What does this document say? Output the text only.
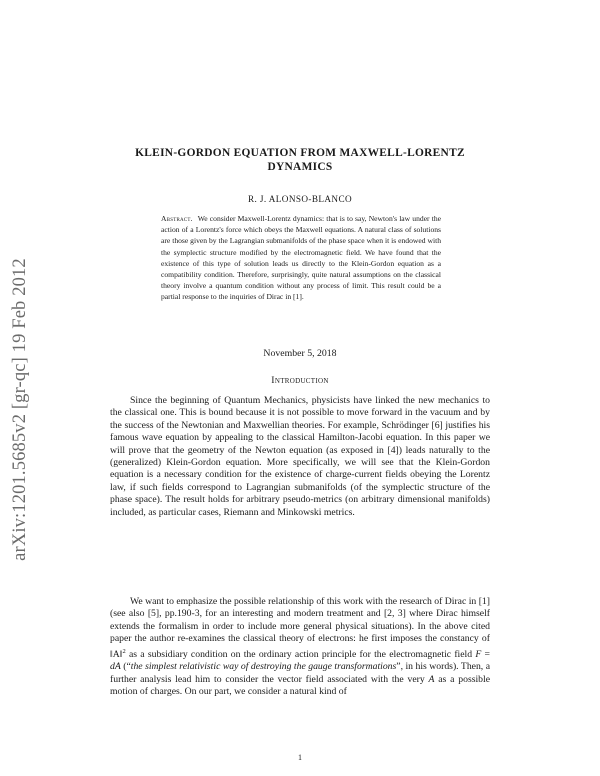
arXiv:1201.5685v2 [gr-qc] 19 Feb 2012
KLEIN-GORDON EQUATION FROM MAXWELL-LORENTZ DYNAMICS
R. J. ALONSO-BLANCO
Abstract. We consider Maxwell-Lorentz dynamics: that is to say, Newton's law under the action of a Lorentz's force which obeys the Maxwell equations. A natural class of solutions are those given by the Lagrangian submanifolds of the phase space when it is endowed with the symplectic structure modified by the electromagnetic field. We have found that the existence of this type of solution leads us directly to the Klein-Gordon equation as a compatibility condition. Therefore, surprisingly, quite natural assumptions on the classical theory involve a quantum condition without any process of limit. This result could be a partial response to the inquiries of Dirac in [1].
November 5, 2018
Introduction

Since the beginning of Quantum Mechanics, physicists have linked the new mechanics to the classical one. This is bound because it is not possible to move forward in the vacuum and by the success of the Newtonian and Maxwellian theories. For example, Schrödinger [6] justifies his famous wave equation by appealing to the classical Hamilton-Jacobi equation. In this paper we will prove that the geometry of the Newton equation (as exposed in [4]) leads naturally to the (generalized) Klein-Gordon equation. More specifically, we will see that the Klein-Gordon equation is a necessary condition for the existence of charge-current fields obeying the Lorentz law, if such fields correspond to Lagrangian submanifolds (of the symplectic structure of the phase space). The result holds for arbitrary pseudo-metrics (on arbitrary dimensional manifolds) included, as particular cases, Riemann and Minkowski metrics.

We want to emphasize the possible relationship of this work with the research of Dirac in [1](see also [5], pp.190-3, for an interesting and modern treatment and [2, 3] where Dirac himself extends the formalism in order to include more general physical situations). In the above cited paper the author re-examines the classical theory of electrons: he first imposes the constancy of ‖A‖$^2$ as a subsidiary condition on the ordinary action principle for the electromagnetic field F = dA (“the simplest relativistic way of destroying the gauge transformations”, in his words). Then, a further analysis lead him to consider the vector field associated with the very A as a possible motion of charges. On our part, we consider a natural kind of

1
